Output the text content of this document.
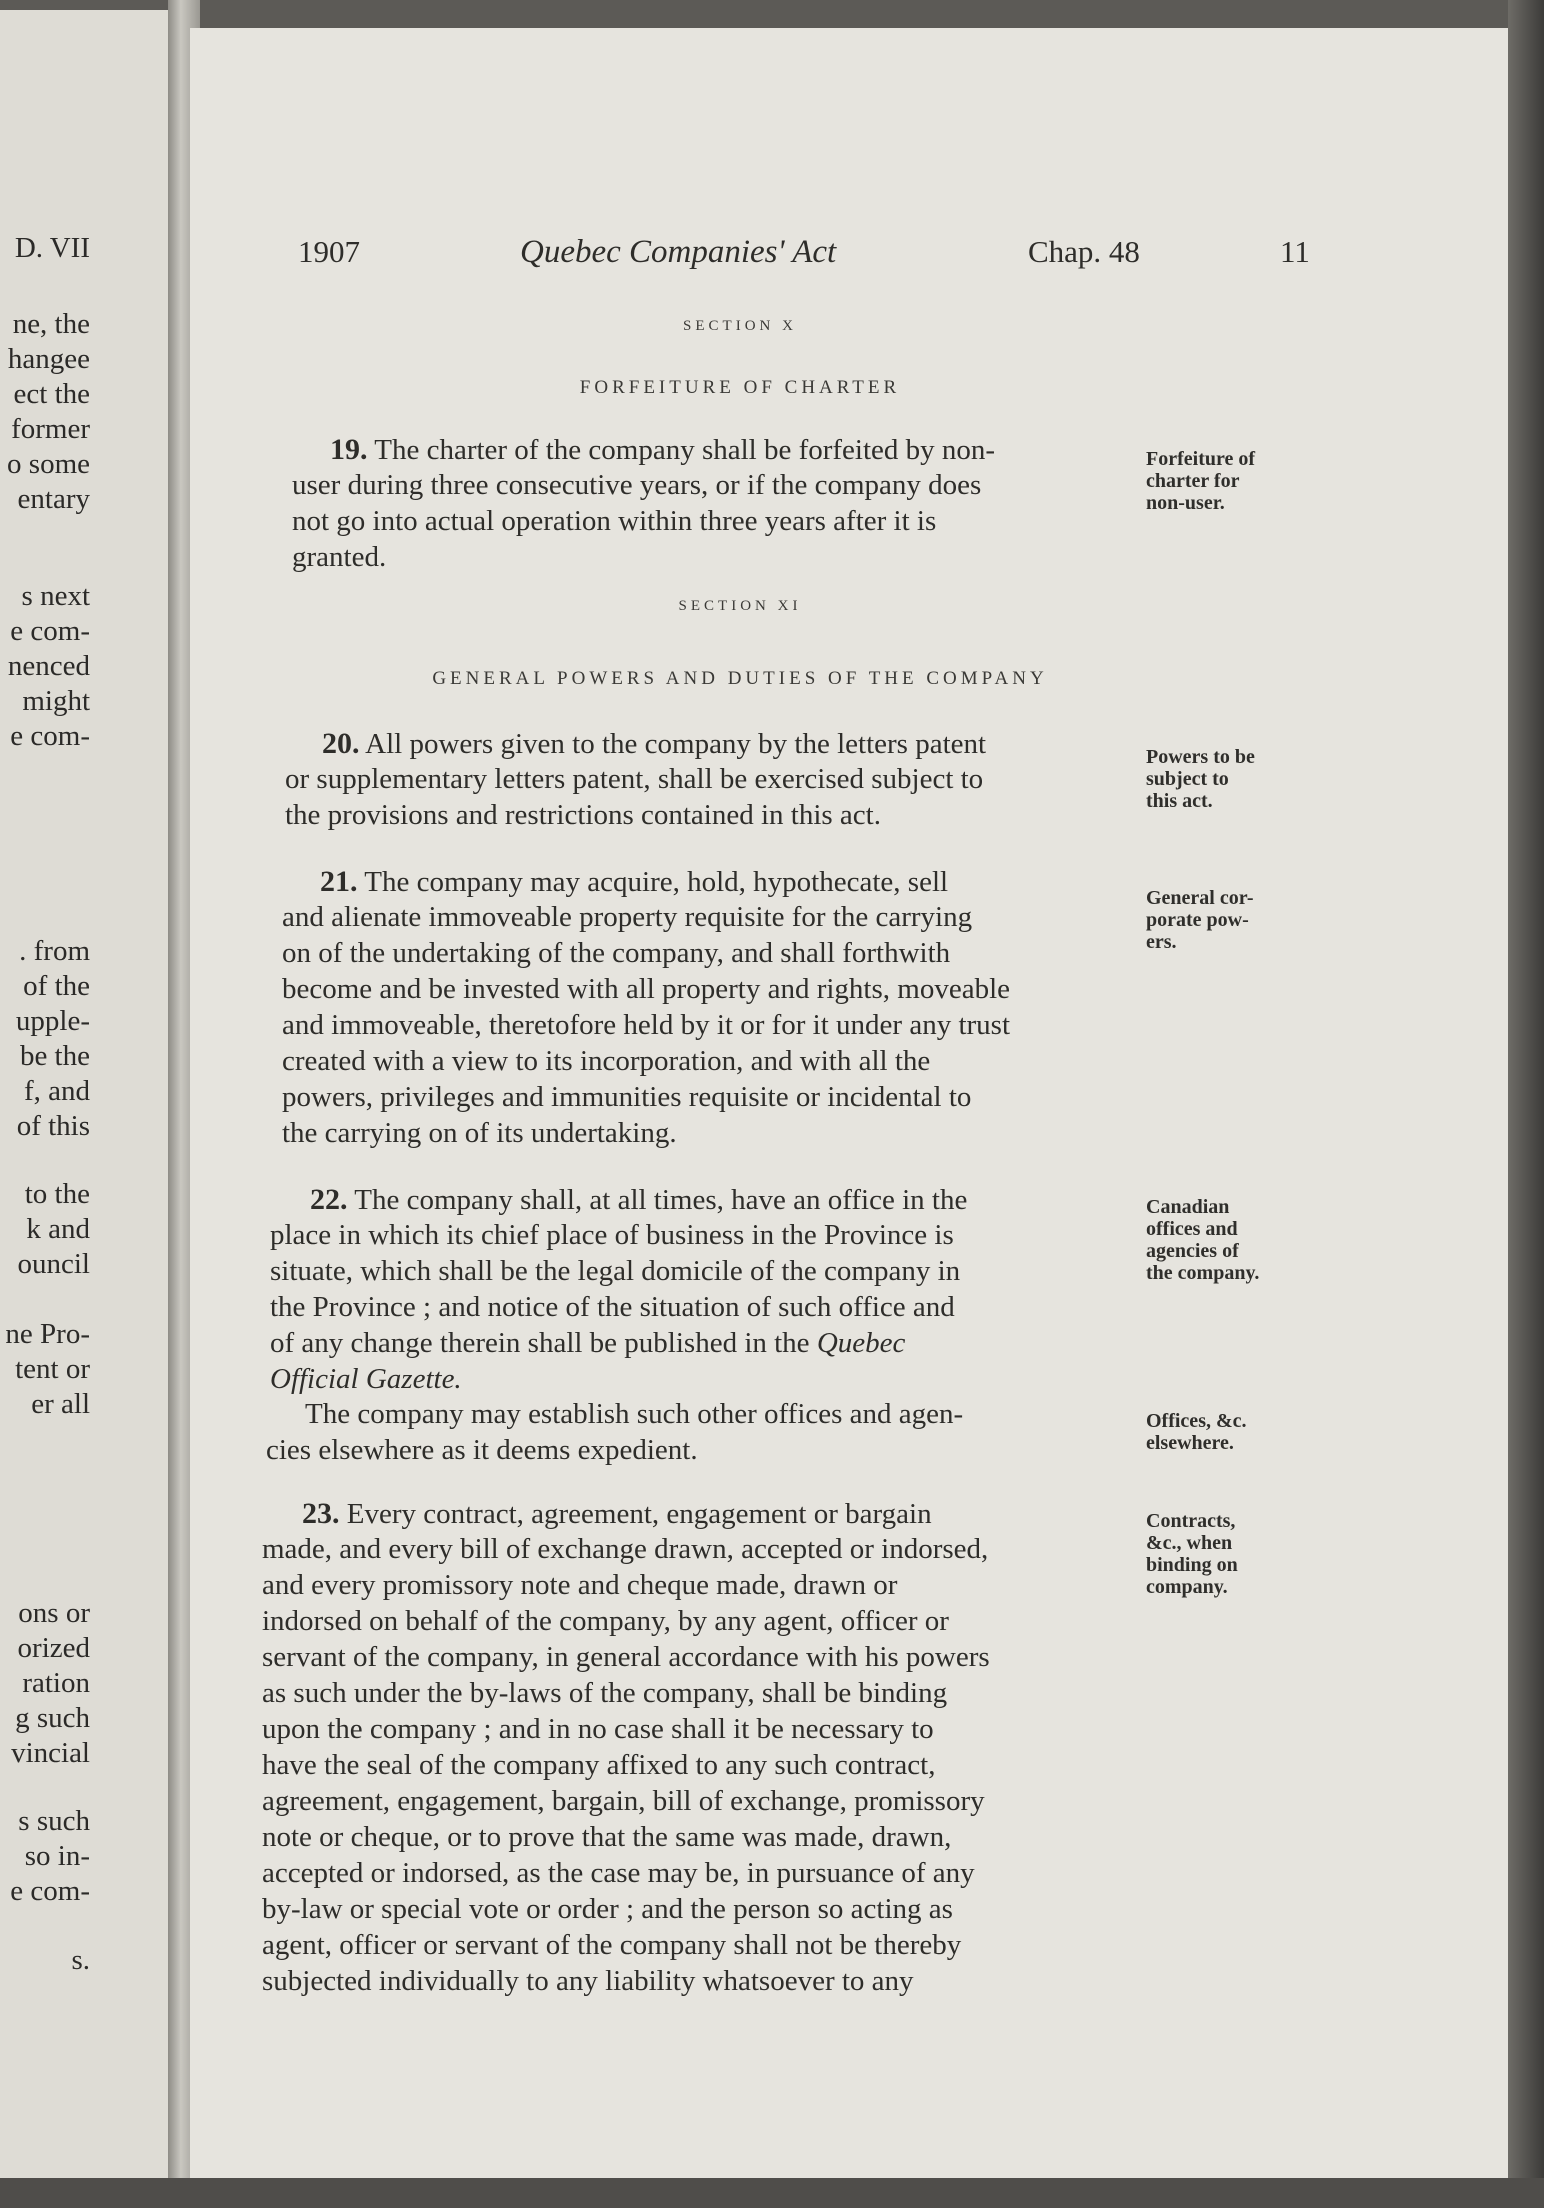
D. VII
ne, the
hangee
ect the
former
o some
entary
s next
e com-
nenced
might
e com-
. from
of the
upple-
be the
f, and
of this
to the
k and
ouncil
ne Pro-
tent or
er all
ons or
orized
ration
g such
vincial
s such
so in-
e com-
s.
1907	Quebec Companies' Act	Chap. 48	11
SECTION X
FORFEITURE OF CHARTER
19. The charter of the company shall be forfeited by non-
user during three consecutive years, or if the company does
not go into actual operation within three years after it is
granted.
Forfeiture of
charter for
non-user.
SECTION XI
GENERAL POWERS AND DUTIES OF THE COMPANY
20. All powers given to the company by the letters patent
or supplementary letters patent, shall be exercised subject to
the provisions and restrictions contained in this act.
Powers to be
subject to
this act.
21. The company may acquire, hold, hypothecate, sell
and alienate immoveable property requisite for the carrying
on of the undertaking of the company, and shall forthwith
become and be invested with all property and rights, moveable
and immoveable, theretofore held by it or for it under any trust
created with a view to its incorporation, and with all the
powers, privileges and immunities requisite or incidental to
the carrying on of its undertaking.
General cor-
porate pow-
ers.
22. The company shall, at all times, have an office in the
place in which its chief place of business in the Province is
situate, which shall be the legal domicile of the company in
the Province ; and notice of the situation of such office and
of any change therein shall be published in the Quebec
Official Gazette.
Canadian
offices and
agencies of
the company.
The company may establish such other offices and agen-
cies elsewhere as it deems expedient.
Offices, &c.
elsewhere.
23. Every contract, agreement, engagement or bargain
made, and every bill of exchange drawn, accepted or indorsed,
and every promissory note and cheque made, drawn or
indorsed on behalf of the company, by any agent, officer or
servant of the company, in general accordance with his powers
as such under the by-laws of the company, shall be binding
upon the company ; and in no case shall it be necessary to
have the seal of the company affixed to any such contract,
agreement, engagement, bargain, bill of exchange, promissory
note or cheque, or to prove that the same was made, drawn,
accepted or indorsed, as the case may be, in pursuance of any
by-law or special vote or order ; and the person so acting as
agent, officer or servant of the company shall not be thereby
subjected individually to any liability whatsoever to any
Contracts,
&c., when
binding on
company.
